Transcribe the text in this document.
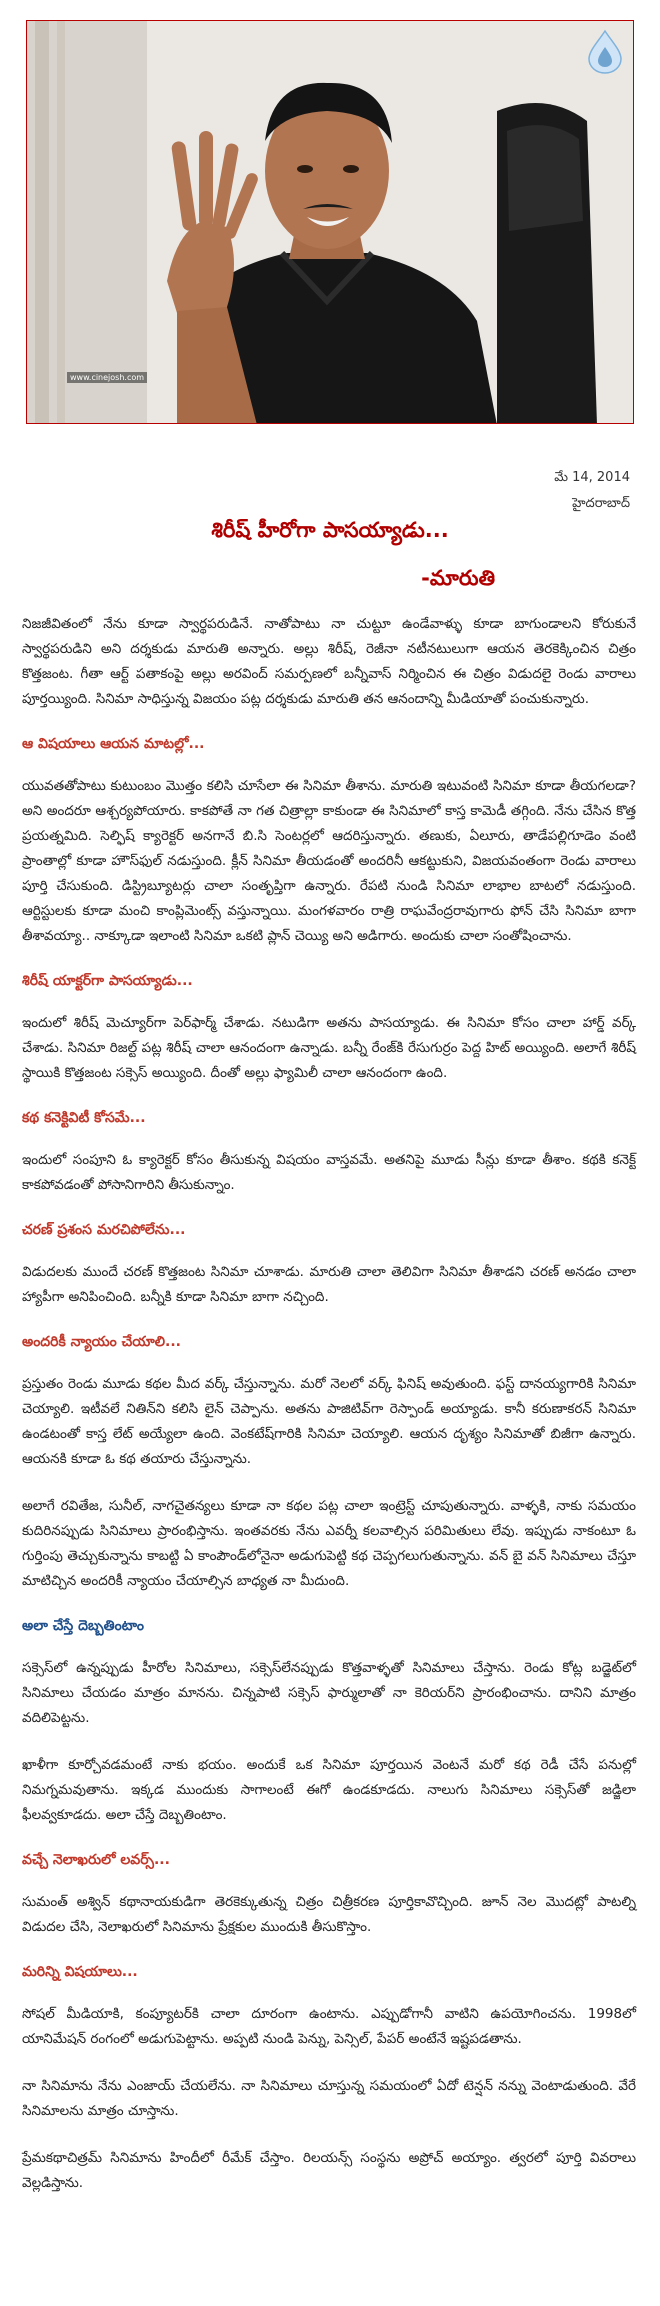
www.cinejosh.com
మే 14, 2014
హైదరాబాద్
శిరీష్ హీరోగా పాసయ్యాడు...
-మారుతి
నిజజీవితంలో నేను కూడా స్వార్థపరుడినే. నాతోపాటు నా చుట్టూ ఉండేవాళ్ళు కూడా బాగుండాలని కోరుకునే స్వార్థపరుడిని అని దర్శకుడు మారుతి అన్నారు. అల్లు శిరీష్, రెజీనా నటీనటులుగా ఆయన తెరకెక్కించిన చిత్రం కొత్తజంట. గీతా ఆర్ట్ పతాకంపై అల్లు అరవింద్ సమర్పణలో బన్నీవాస్ నిర్మించిన ఈ చిత్రం విడుదలై రెండు వారాలు పూర్తయ్యింది. సినిమా సాధిస్తున్న విజయం పట్ల దర్శకుడు మారుతి తన ఆనందాన్ని మీడియాతో పంచుకున్నారు.
ఆ విషయాలు ఆయన మాటల్లో...
యువతతోపాటు కుటుంబం మొత్తం కలిసి చూసేలా ఈ సినిమా తీశాను. మారుతి ఇటువంటి సినిమా కూడా తీయగలడా? అని అందరూ ఆశ్చర్యపోయారు. కాకపోతే నా గత చిత్రాల్లా కాకుండా ఈ సినిమాలో కాస్త కామెడీ తగ్గింది. నేను చేసిన కొత్త ప్రయత్నమిది. సెల్ఫిష్ క్యారెక్టర్ అనగానే బి.సి సెంటర్లలో ఆదరిస్తున్నారు. తణుకు, ఏలూరు, తాడేపల్లిగూడెం వంటి ప్రాంతాల్లో కూడా హౌస్‌ఫుల్ నడుస్తుంది. క్లీన్ సినిమా తీయడంతో అందరినీ ఆకట్టుకుని, విజయవంతంగా రెండు వారాలు పూర్తి చేసుకుంది. డిస్ట్రిబ్యూటర్లు చాలా సంతృప్తిగా ఉన్నారు. రేపటి నుండి సినిమా లాభాల బాటలో నడుస్తుంది. ఆర్టిస్టులకు కూడా మంచి కాంప్లిమెంట్స్ వస్తున్నాయి. మంగళవారం రాత్రి రాఘవేంద్రరావుగారు ఫోన్ చేసి సినిమా బాగా తీశావయ్యా.. నాక్కూడా ఇలాంటి సినిమా ఒకటి ప్లాన్ చెయ్యి అని అడిగారు. అందుకు చాలా సంతోషించాను.
శిరీష్ యాక్టర్‌గా పాసయ్యాడు...
ఇందులో శిరీష్ మెచ్యూర్‌గా పెర్‌ఫార్మ్ చేశాడు. నటుడిగా అతను పాసయ్యాడు. ఈ సినిమా కోసం చాలా హార్డ్ వర్క్ చేశాడు. సినిమా రిజల్ట్ పట్ల శిరీష్ చాలా ఆనందంగా ఉన్నాడు. బన్నీ రేంజ్‌కి రేసుగుర్రం పెద్ద హిట్ అయ్యింది. అలాగే శిరీష్ స్థాయికి కొత్తజంట సక్సెస్ అయ్యింది. దీంతో అల్లు ఫ్యామిలీ చాలా ఆనందంగా ఉంది.
కథ కనెక్టివిటీ కోసమే...
ఇందులో సంపూని ఓ క్యారెక్టర్ కోసం తీసుకున్న విషయం వాస్తవమే. అతనిపై మూడు సీన్లు కూడా తీశాం. కథకి కనెక్ట్ కాకపోవడంతో పోసానిగారిని తీసుకున్నాం.
చరణ్ ప్రశంస మరచిపోలేను...
విడుదలకు ముందే చరణ్ కొత్తజంట సినిమా చూశాడు. మారుతి చాలా తెలివిగా సినిమా తీశాడని చరణ్ అనడం చాలా హ్యాపీగా అనిపించింది. బన్నీకి కూడా సినిమా బాగా నచ్చింది.
అందరికీ న్యాయం చేయాలి...
ప్రస్తుతం రెండు మూడు కథల మీద వర్క్ చేస్తున్నాను. మరో నెలలో వర్క్ ఫినిష్ అవుతుంది. ఫస్ట్ దానయ్యగారికి సినిమా చెయ్యాలి. ఇటీవలే నితిన్‌ని కలిసి లైన్ చెప్పాను. అతను పాజిటివ్‌గా రెస్పాండ్ అయ్యాడు. కానీ కరుణాకరన్ సినిమా ఉండటంతో కాస్త లేట్ అయ్యేలా ఉంది. వెంకటేష్‌గారికి సినిమా చెయ్యాలి. ఆయన దృశ్యం సినిమాతో బిజీగా ఉన్నారు. ఆయనకి కూడా ఓ కథ తయారు చేస్తున్నాను.
అలాగే రవితేజ, సునీల్, నాగచైతన్యలు కూడా నా కథల పట్ల చాలా ఇంట్రెస్ట్ చూపుతున్నారు. వాళ్ళకి, నాకు సమయం కుదిరినప్పుడు సినిమాలు ప్రారంభిస్తాను. ఇంతవరకు నేను ఎవర్నీ కలవాల్సిన పరిమితులు లేవు. ఇప్పుడు నాకంటూ ఓ గుర్తింపు తెచ్చుకున్నాను కాబట్టి ఏ కాంపౌండ్‌లోనైనా అడుగుపెట్టి కథ చెప్పగలుగుతున్నాను. వన్ బై వన్ సినిమాలు చేస్తూ మాటిచ్చిన అందరికీ న్యాయం చేయాల్సిన బాధ్యత నా మీదుంది.
అలా చేస్తే దెబ్బతింటాం
సక్సెస్‌లో ఉన్నప్పుడు హీరోల సినిమాలు, సక్సెస్‌లేనప్పుడు కొత్తవాళ్ళతో సినిమాలు చేస్తాను. రెండు కోట్ల బడ్జెట్‌లో సినిమాలు చేయడం మాత్రం మానను. చిన్నపాటి సక్సెస్ ఫార్ములాతో నా కెరియర్‌ని ప్రారంభించాను. దానిని మాత్రం వదిలిపెట్టను.
ఖాళీగా కూర్చోవడమంటే నాకు భయం. అందుకే ఒక సినిమా పూర్తయిన వెంటనే మరో కథ రెడీ చేసే పనుల్లో నిమగ్నమవుతాను. ఇక్కడ ముందుకు సాగాలంటే ఈగో ఉండకూడదు. నాలుగు సినిమాలు సక్సెస్‌తో జడ్జిలా ఫీలవ్వకూడదు. అలా చేస్తే దెబ్బతింటాం.
వచ్చే నెలాఖరులో లవర్స్...
సుమంత్ అశ్విన్ కథానాయకుడిగా తెరకెక్కుతున్న చిత్రం చిత్రీకరణ పూర్తికావొచ్చింది. జూన్ నెల మొదట్లో పాటల్ని విడుదల చేసి, నెలాఖరులో సినిమాను ప్రేక్షకుల ముందుకి తీసుకొస్తాం.
మరిన్ని విషయాలు...
సోషల్ మీడియాకి, కంప్యూటర్‌కి చాలా దూరంగా ఉంటాను. ఎప్పుడోగానీ వాటిని ఉపయోగించను. 1998లో యానిమేషన్ రంగంలో అడుగుపెట్టాను. అప్పటి నుండి పెన్ను, పెన్సిల్, పేపర్ అంటేనే ఇష్టపడతాను.
నా సినిమాను నేను ఎంజాయ్ చేయలేను. నా సినిమాలు చూస్తున్న సమయంలో ఏదో టెన్షన్ నన్ను వెంటాడుతుంది. వేరే సినిమాలను మాత్రం చూస్తాను.
ప్రేమకథాచిత్రమ్ సినిమాను హిందీలో రీమేక్ చేస్తాం. రిలయన్స్ సంస్థను అప్రోచ్ అయ్యాం. త్వరలో పూర్తి వివరాలు వెల్లడిస్తాను.
